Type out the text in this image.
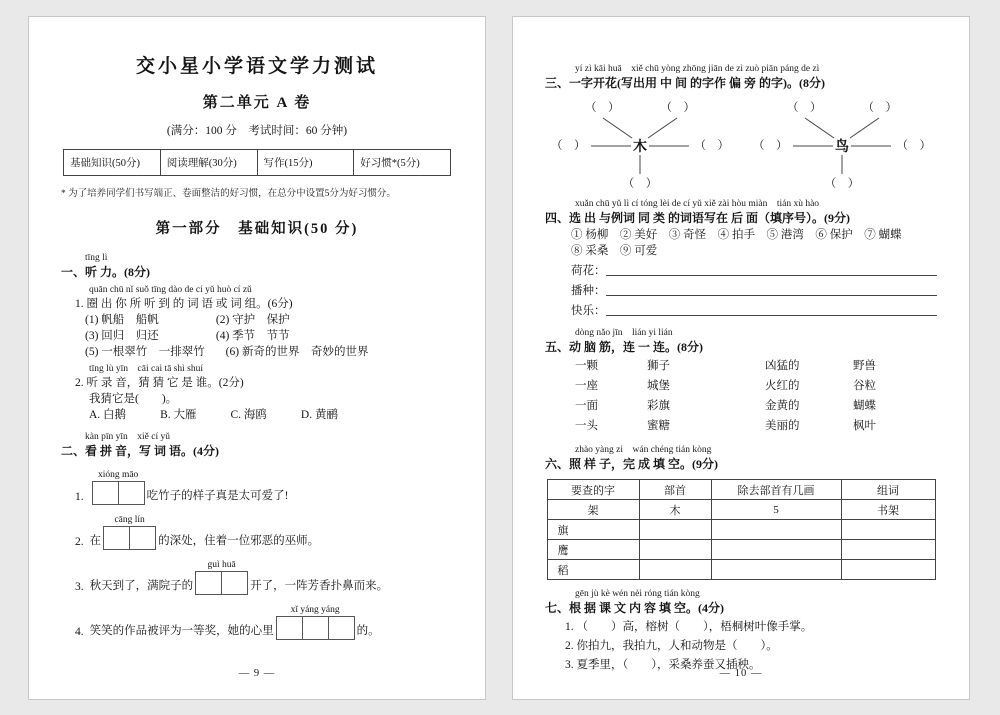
交小星小学语文学力测试
第二单元 A 卷
(满分：100 分　考试时间：60 分钟)
基础知识(50分)	阅读理解(30分)	写作(15分)	好习惯*(5分)
* 为了培养同学们书写端正、卷面整洁的好习惯，在总分中设置5分为好习惯分。
第一部分　基础知识(50 分)
tīng lì
一、听 力。(8分)
quān chū nǐ suǒ tīng dào de cí yǔ huò cí zǔ
1. 圈 出 你 所 听 到 的 词 语 或 词 组。(6分)
(1) 帆船　船帆	(2) 守护　保护
(3) 回归　归还	(4) 季节　节节
(5) 一根翠竹　一排翠竹 (6) 新奇的世界　奇妙的世界
tīng lù yīn　cāi cai tā shì shuí
2. 听 录 音，猜 猜 它 是 谁。(2分)
我猜它是(　　)。
A. 白鹅	B. 大雁	C. 海鸥	D. 黄鹂
kàn pīn yīn　xiě cí yǔ
二、看 拼 音，写 词 语。(4分)
1.
xióng māo
吃竹子的样子真是太可爱了!
2. 在
cāng lín
的深处，住着一位邪恶的巫师。
3. 秋天到了，满院子的
guì huā
开了，一阵芳香扑鼻而来。
4. 笑笑的作品被评为一等奖，她的心里
xǐ yáng yáng
的。
— 9 —
yí zì kāi huā　xiě chū yòng zhōng jiān de zì zuò piān páng de zì
三、一字开花(写出用 中 间 的字作 偏 旁 的字)。(8分)
（　）	（　）
（　）	（　）
（　）
木
（　）	（　）
（　）	（　）
（　）
鸟
xuǎn chū yǔ lì cí tóng lèi de cí yǔ xiě zài hòu miàn　tián xù hào
四、选 出 与例词 同 类 的词语写在 后 面（填序号）。(9分)
① 杨柳　② 美好　③ 奇怪　④ 拍手　⑤ 港湾　⑥ 保护　⑦ 蝴蝶
⑧ 采桑　⑨ 可爱
荷花：
播种：
快乐：
dòng nǎo jīn　lián yi lián
五、动 脑 筋，连 一 连。(8分)
一颗	狮子	凶猛的	野兽
一座	城堡	火红的	谷粒
一面	彩旗	金黄的	蝴蝶
一头	蜜糖	美丽的	枫叶
zhào yàng zi　wán chéng tián kòng
六、照 样 子，完 成 填 空。(9分)
要查的字	部首	除去部首有几画	组词
架	木	5	书架
旗			
鹰			
稻			
gēn jù kè wén nèi róng tián kòng
七、根 据 课 文 内 容 填 空。(4分)
1. （　　）高，榕树（　　），梧桐树叶像手掌。
2. 你拍九，我拍九，人和动物是（　　）。
3. 夏季里，（　　），采桑养蚕又插秧。
— 10 —
